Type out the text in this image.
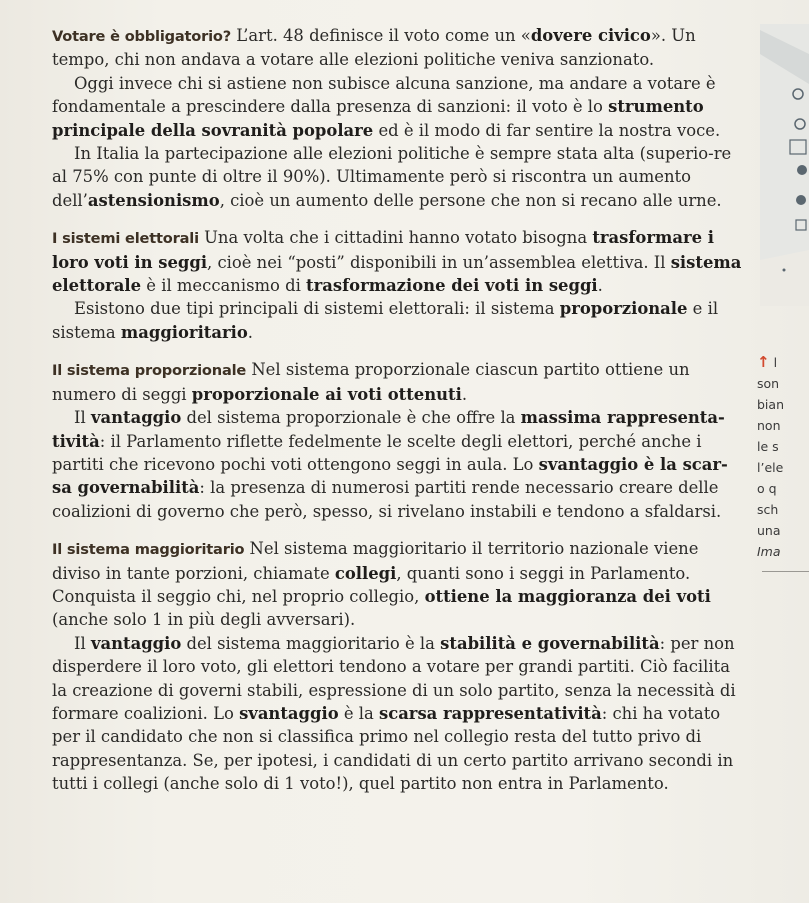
Votare è obbligatorio? L’art. 48 definisce il voto come un «dovere civico». Un tempo, chi non andava a votare alle elezioni politiche veniva sanzionato.

Oggi invece chi si astiene non subisce alcuna sanzione, ma andare a votare è fondamentale a prescindere dalla presenza di sanzioni: il voto è lo strumento principale della sovranità popolare ed è il modo di far sentire la nostra voce.

In Italia la partecipazione alle elezioni politiche è sempre stata alta (superio-re al 75% con punte di oltre il 90%). Ultimamente però si riscontra un aumento dell’astensionismo, cioè un aumento delle persone che non si recano alle urne.

I sistemi elettorali Una volta che i cittadini hanno votato bisogna trasformare i loro voti in seggi, cioè nei “posti” disponibili in un’assemblea elettiva. Il sistema elettorale è il meccanismo di trasformazione dei voti in seggi.

Esistono due tipi principali di sistemi elettorali: il sistema proporzionale e il sistema maggioritario.

Il sistema proporzionale Nel sistema proporzionale ciascun partito ottiene un numero di seggi proporzionale ai voti ottenuti.

Il vantaggio del sistema proporzionale è che offre la massima rappresenta-tività: il Parlamento riflette fedelmente le scelte degli elettori, perché anche i partiti che ricevono pochi voti ottengono seggi in aula. Lo svantaggio è la scar-sa governabilità: la presenza di numerosi partiti rende necessario creare delle coalizioni di governo che però, spesso, si rivelano instabili e tendono a sfaldarsi.

Il sistema maggioritario Nel sistema maggioritario il territorio nazionale viene diviso in tante porzioni, chiamate collegi, quanti sono i seggi in Parlamento. Conquista il seggio chi, nel proprio collegio, ottiene la maggioranza dei voti (anche solo 1 in più degli avversari).

Il vantaggio del sistema maggioritario è la stabilità e governabilità: per non disperdere il loro voto, gli elettori tendono a votare per grandi partiti. Ciò facilita la creazione di governi stabili, espressione di un solo partito, senza la necessità di formare coalizioni. Lo svantaggio è la scarsa rappresentatività: chi ha votato per il candidato che non si classifica primo nel collegio resta del tutto privo di rappresentanza. Se, per ipotesi, i candidati di un certo partito arrivano secondi in tutti i collegi (anche solo di 1 voto!), quel partito non entra in Parlamento.

↑ l
son
bian
non
le s
l’ele
o q
sch
una
Ima
